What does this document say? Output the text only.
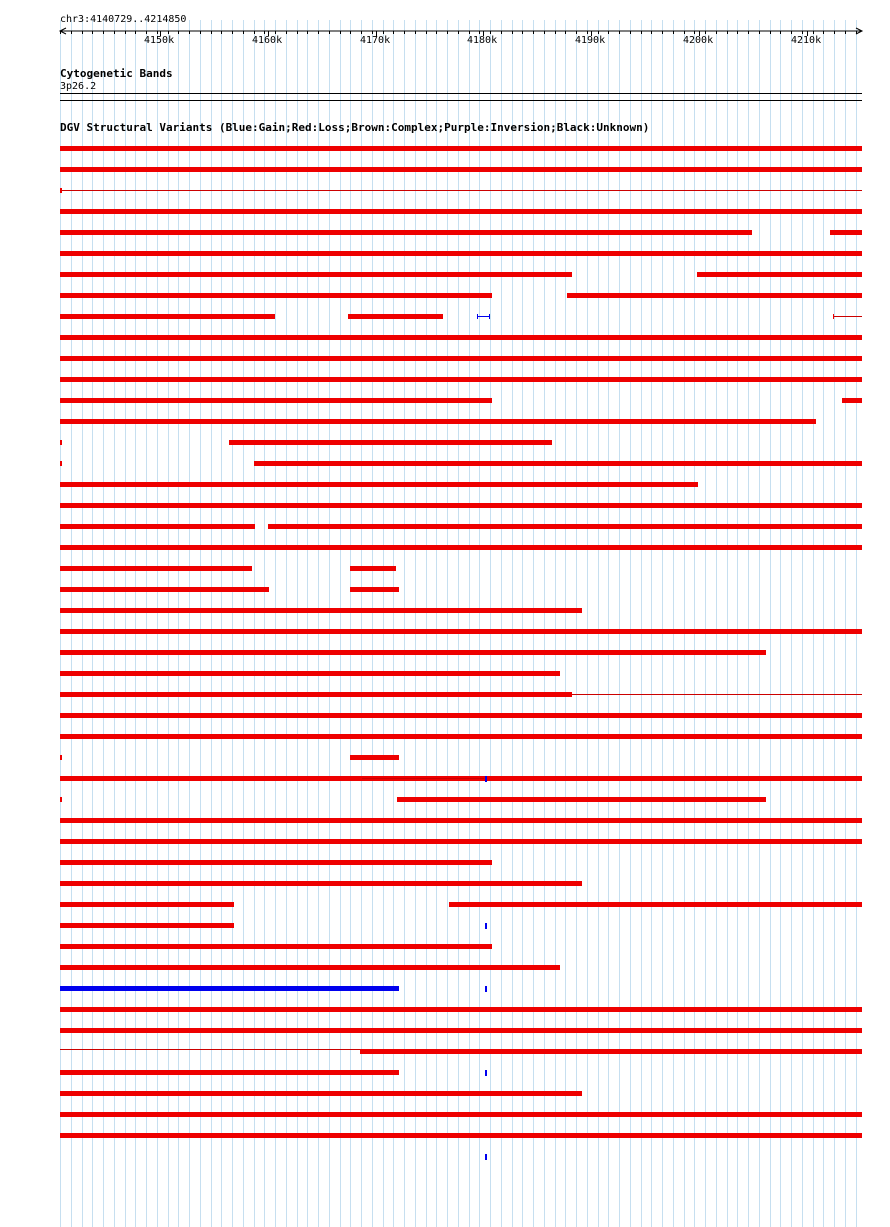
chr3:4140729..4214850
4150k	4160k	4170k	4180k	4190k	4200k	4210k
Cytogenetic Bands
3p26.2
DGV Structural Variants (Blue:Gain;Red:Loss;Brown:Complex;Purple:Inversion;Black:Unknown)
